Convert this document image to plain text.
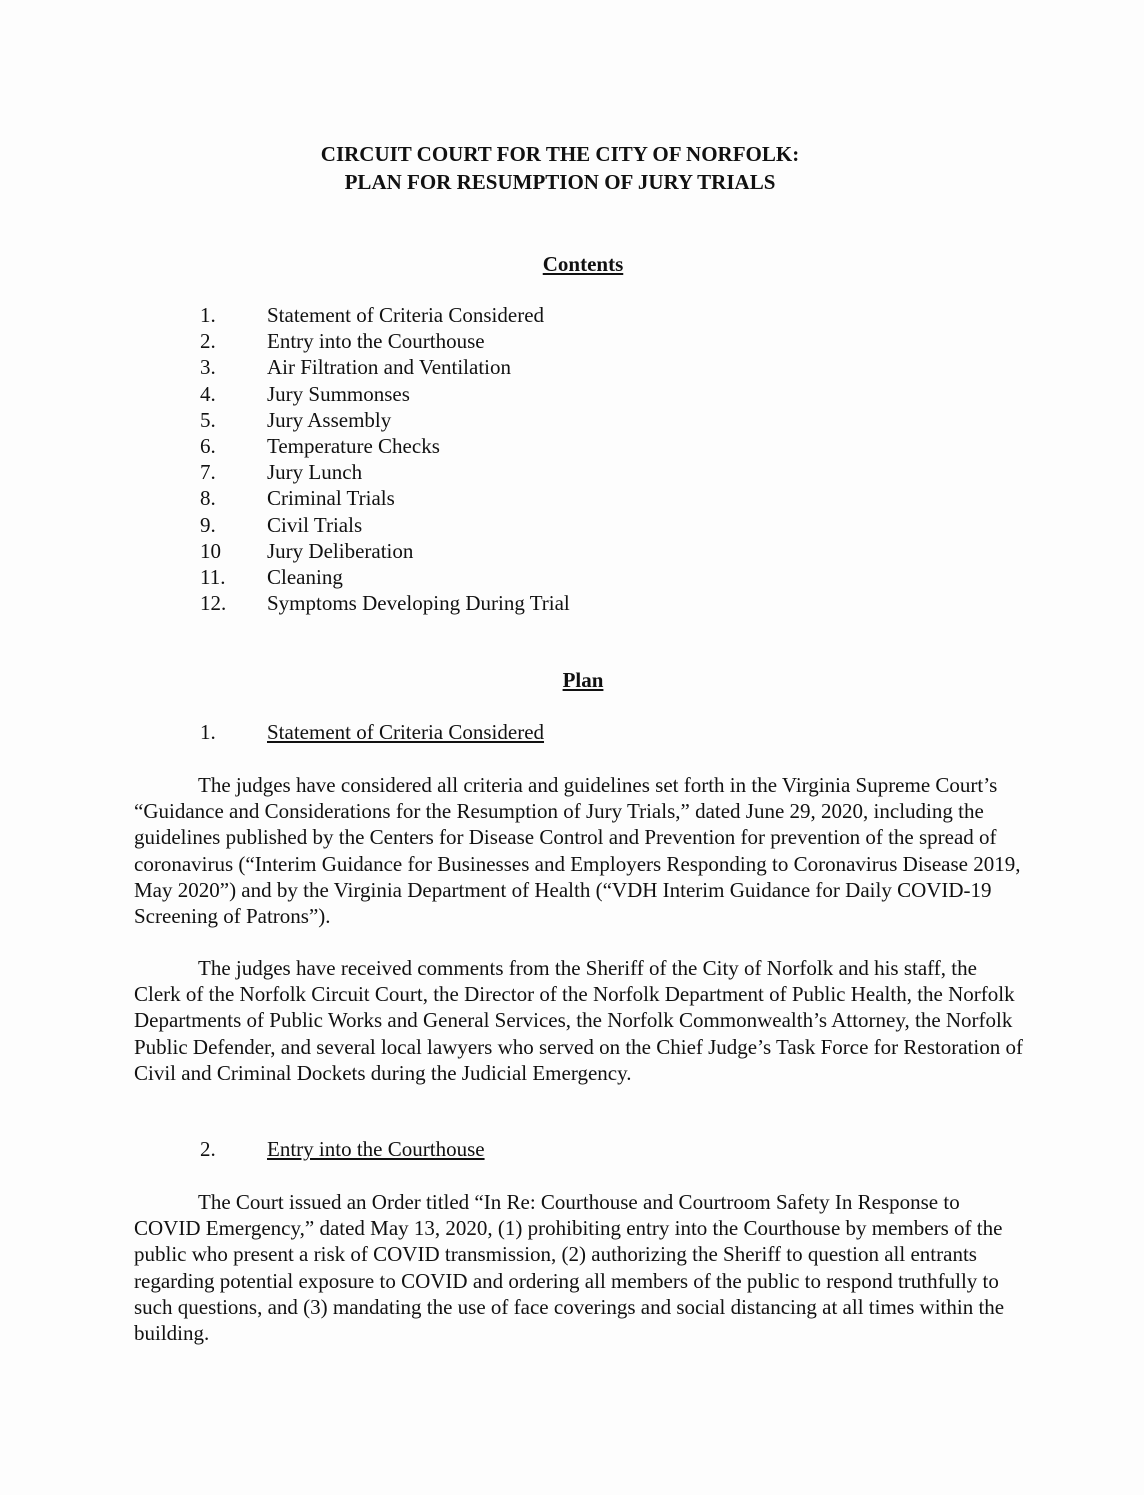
CIRCUIT COURT FOR THE CITY OF NORFOLK:
PLAN FOR RESUMPTION OF JURY TRIALS
Contents
1. Statement of Criteria Considered
2. Entry into the Courthouse
3. Air Filtration and Ventilation
4. Jury Summonses
5. Jury Assembly
6. Temperature Checks
7. Jury Lunch
8. Criminal Trials
9. Civil Trials
10 Jury Deliberation
11. Cleaning
12. Symptoms Developing During Trial
Plan
1. Statement of Criteria Considered

The judges have considered all criteria and guidelines set forth in the Virginia Supreme Court’s “Guidance and Considerations for the Resumption of Jury Trials,” dated June 29, 2020, including the guidelines published by the Centers for Disease Control and Prevention for prevention of the spread of coronavirus (“Interim Guidance for Businesses and Employers Responding to Coronavirus Disease 2019, May 2020”) and by the Virginia Department of Health (“VDH Interim Guidance for Daily COVID-19 Screening of Patrons”).

The judges have received comments from the Sheriff of the City of Norfolk and his staff, the Clerk of the Norfolk Circuit Court, the Director of the Norfolk Department of Public Health, the Norfolk Departments of Public Works and General Services, the Norfolk Commonwealth’s Attorney, the Norfolk Public Defender, and several local lawyers who served on the Chief Judge’s Task Force for Restoration of Civil and Criminal Dockets during the Judicial Emergency.

2. Entry into the Courthouse

The Court issued an Order titled “In Re: Courthouse and Courtroom Safety In Response to COVID Emergency,” dated May 13, 2020, (1) prohibiting entry into the Courthouse by members of the public who present a risk of COVID transmission, (2) authorizing the Sheriff to question all entrants regarding potential exposure to COVID and ordering all members of the public to respond truthfully to such questions, and (3) mandating the use of face coverings and social distancing at all times within the building.
